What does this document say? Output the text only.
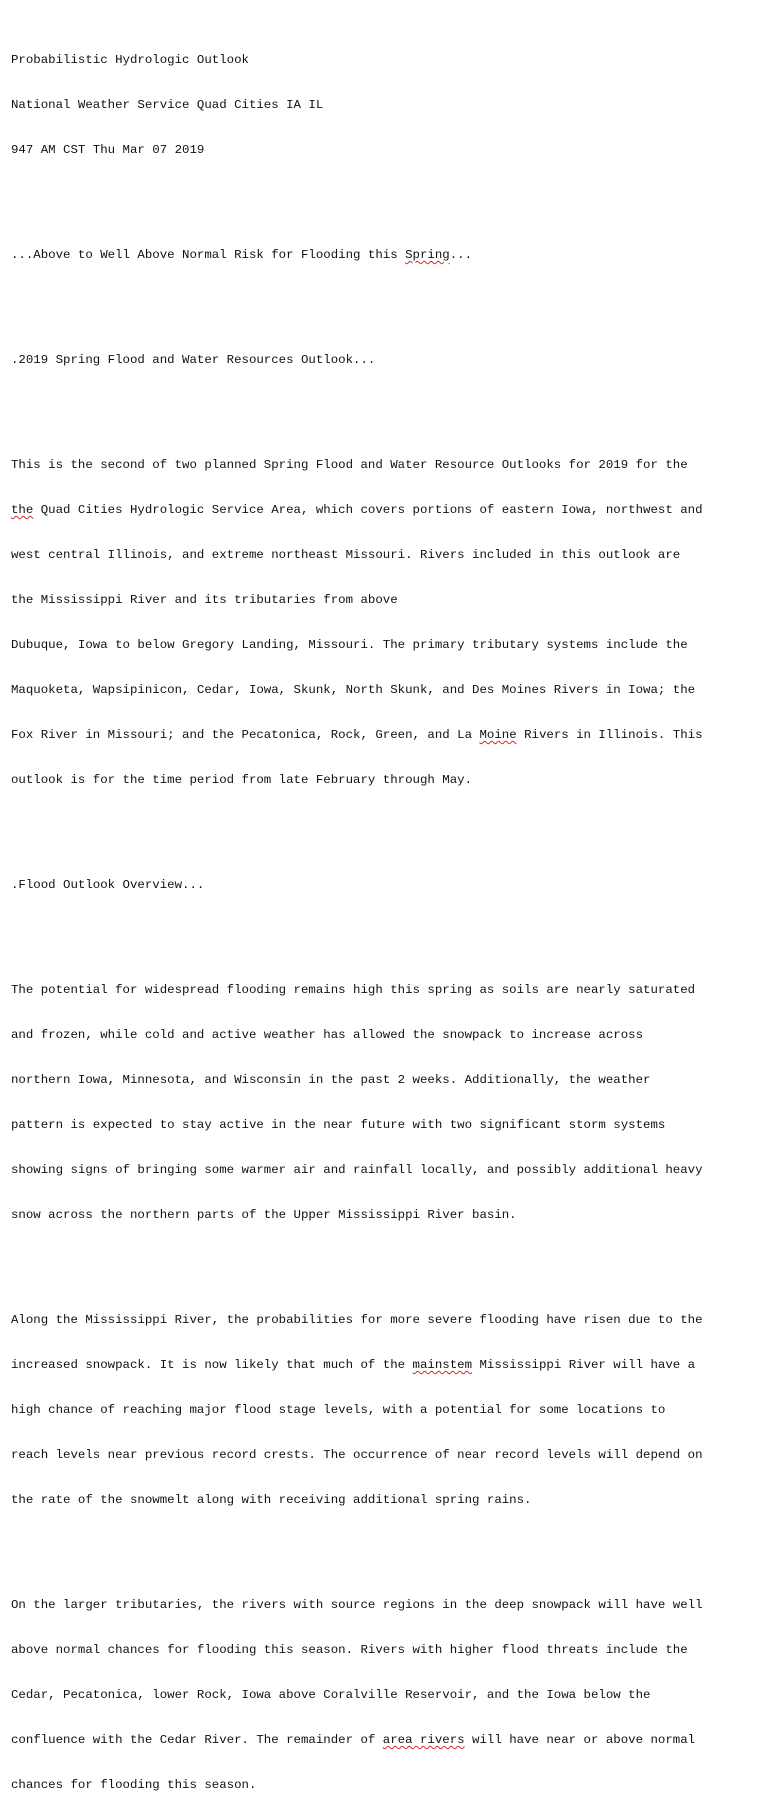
Probabilistic Hydrologic Outlook

National Weather Service Quad Cities IA IL

947 AM CST Thu Mar 07 2019

...Above to Well Above Normal Risk for Flooding this Spring...

.2019 Spring Flood and Water Resources Outlook...

This is the second of two planned Spring Flood and Water Resource Outlooks for 2019 for the

the Quad Cities Hydrologic Service Area, which covers portions of eastern Iowa, northwest and

west central Illinois, and extreme northeast Missouri. Rivers included in this outlook are

the Mississippi River and its tributaries from above

Dubuque, Iowa to below Gregory Landing, Missouri. The primary tributary systems include the

Maquoketa, Wapsipinicon, Cedar, Iowa, Skunk, North Skunk, and Des Moines Rivers in Iowa; the

Fox River in Missouri; and the Pecatonica, Rock, Green, and La Moine Rivers in Illinois. This

outlook is for the time period from late February through May.

.Flood Outlook Overview...

The potential for widespread flooding remains high this spring as soils are nearly saturated

and frozen, while cold and active weather has allowed the snowpack to increase across

northern Iowa, Minnesota, and Wisconsin in the past 2 weeks. Additionally, the weather

pattern is expected to stay active in the near future with two significant storm systems

showing signs of bringing some warmer air and rainfall locally, and possibly additional heavy

snow across the northern parts of the Upper Mississippi River basin.

Along the Mississippi River, the probabilities for more severe flooding have risen due to the

increased snowpack. It is now likely that much of the mainstem Mississippi River will have a

high chance of reaching major flood stage levels, with a potential for some locations to

reach levels near previous record crests. The occurrence of near record levels will depend on

the rate of the snowmelt along with receiving additional spring rains.

On the larger tributaries, the rivers with source regions in the deep snowpack will have well

above normal chances for flooding this season. Rivers with higher flood threats include the

Cedar, Pecatonica, lower Rock, Iowa above Coralville Reservoir, and the Iowa below the

confluence with the Cedar River. The remainder of area rivers will have near or above normal

chances for flooding this season.
